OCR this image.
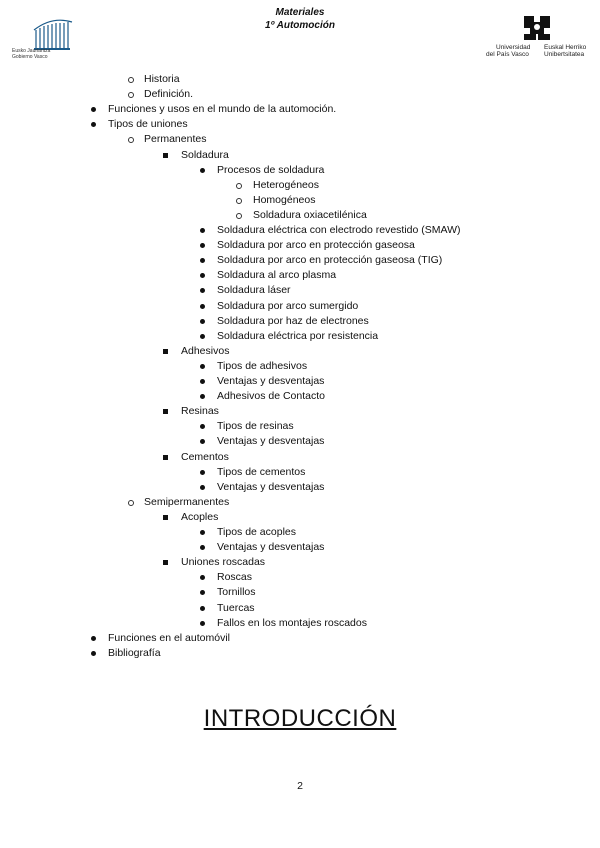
Eusko Jaurlaritza
Gobierno Vasco
Materiales
1º Automoción
Universidad
del País Vasco
Euskal Herriko
Unibertsitatea
Historia
Definición.
Funciones y usos en el mundo de la automoción.
Tipos de uniones
Permanentes
Soldadura
Procesos de soldadura
Heterogéneos
Homogéneos
Soldadura oxiacetilénica
Soldadura eléctrica con electrodo revestido (SMAW)
Soldadura por arco en protección gaseosa
Soldadura por arco en protección gaseosa (TIG)
Soldadura al arco plasma
Soldadura láser
Soldadura por arco sumergido
Soldadura por haz de electrones
Soldadura eléctrica por resistencia
Adhesivos
Tipos de adhesivos
Ventajas y desventajas
Adhesivos de Contacto
Resinas
Tipos de resinas
Ventajas y desventajas
Cementos
Tipos de cementos
Ventajas y desventajas
Semipermanentes
Acoples
Tipos de acoples
Ventajas y desventajas
Uniones roscadas
Roscas
Tornillos
Tuercas
Fallos en los montajes roscados
Funciones en el automóvil
Bibliografía
INTRODUCCIÓN
2
